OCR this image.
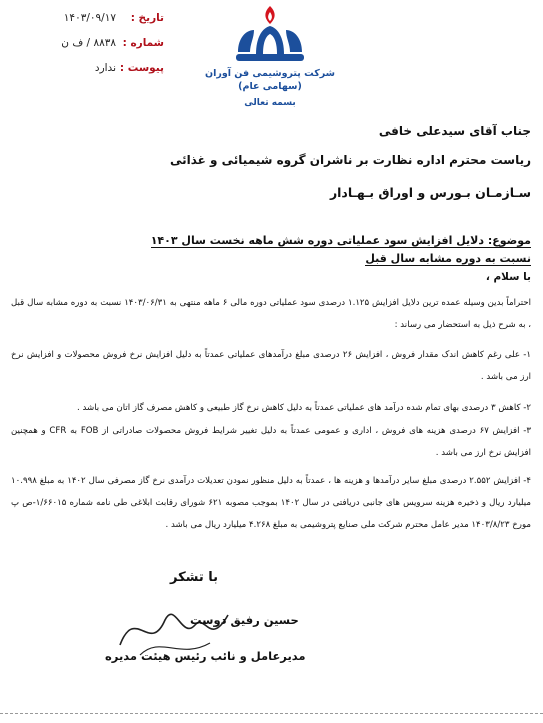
تاریخ :
۱۴۰۳/۰۹/۱۷
شماره :
۸۸۳۸ / ف ن
پیوست :
ندارد	شرکت پتروشیمی فن آوران
(سهامی عام)
بسمه تعالی
جناب آقای سیدعلی خافی
ریاست محترم اداره نظارت بر ناشران گروه شیمیائی و غذائی
سـازمـان بـورس و اوراق بـهـادار
موضوع: دلایل افزایش سود عملیاتی دوره شش ماهه نخست سال ۱۴۰۳
نسبت به دوره مشابه سال قبل
با سلام ،
احتراماً بدین وسیله عمده ترین دلایل افزایش ۱.۱۲۵ درصدی سود عملیاتی دوره مالی ۶ ماهه منتهی به ۱۴۰۳/۰۶/۳۱ نسبت به دوره مشابه سال قبل ، به شرح ذیل به استحضار می رساند :
۱- علی رغم کاهش اندک مقدار فروش ، افزایش ۲۶ درصدی مبلغ درآمدهای عملیاتی عمدتاً به دلیل افزایش نرخ فروش محصولات و افزایش نرخ ارز می باشد .
۲- کاهش ۳ درصدی بهای تمام شده درآمد های عملیاتی عمدتاً به دلیل کاهش نرخ گاز طبیعی و کاهش مصرف گاز اتان می باشد .
۳- افزایش ۶۷ درصدی هزینه های فروش ، اداری و عمومی عمدتاً به دلیل تغییر شرایط فروش محصولات صادراتی از FOB به CFR و همچنین افزایش نرخ ارز می باشد .
۴- افزایش ۲.۵۵۲ درصدی مبلغ سایر درآمدها و هزینه ها ، عمدتاً به دلیل منظور نمودن تعدیلات درآمدی نرخ گاز مصرفی سال ۱۴۰۲ به مبلغ ۱۰.۹۹۸ میلیارد ریال و ذخیره هزینه سرویس های جانبی دریافتی در سال ۱۴۰۲ بموجب مصوبه ۶۲۱ شورای رقابت ابلاغی طی نامه شماره ۱/۶۶۰۱۵-ص پ مورخ ۱۴۰۳/۸/۲۳ مدیر عامل محترم شرکت ملی صنایع پتروشیمی به مبلغ ۴.۲۶۸ میلیارد ریال می باشد .
با تشکر
حسین رفیق دوست
مدیرعامل و نائب رئیس هیئت مدیره
